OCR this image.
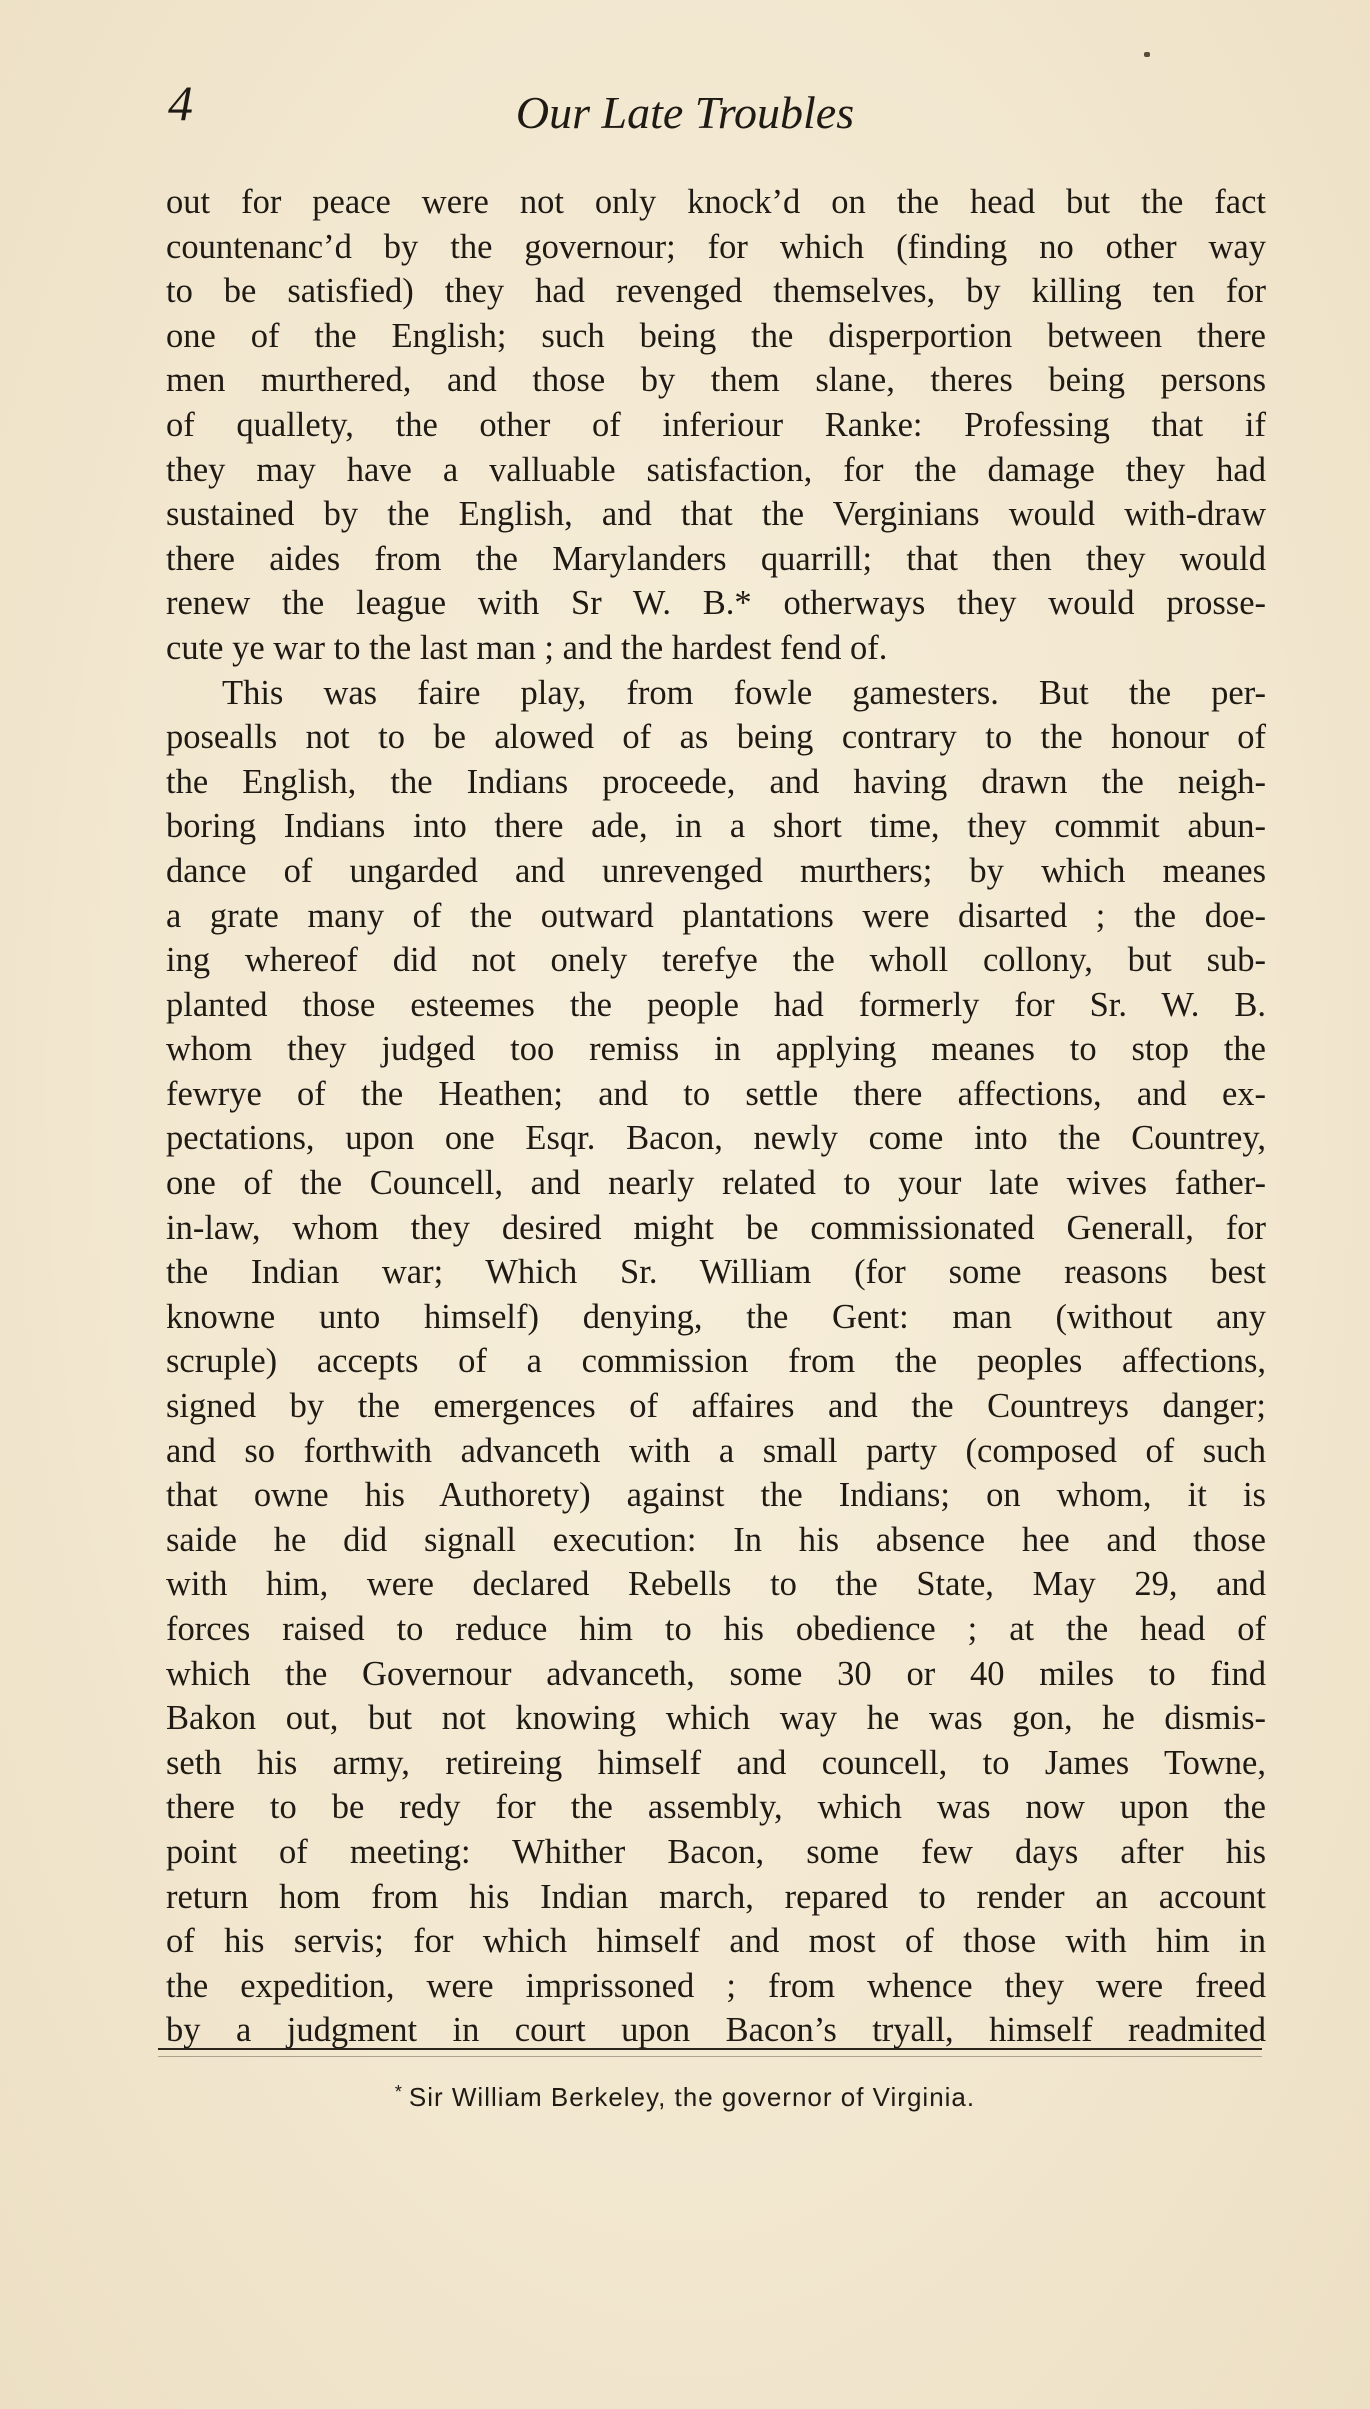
4	Our Late Troubles
out for peace were not only knock’d on the head but the fact
countenanc’d by the governour; for which (finding no other way
to be satisfied) they had revenged themselves, by killing ten for
one of the English; such being the disperportion between there
men murthered, and those by them slane, theres being persons
of quallety, the other of inferiour Ranke: Professing that if
they may have a valluable satisfaction, for the damage they had
sustained by the English, and that the Verginians would with-draw
there aides from the Marylanders quarrill; that then they would
renew the league with Sr W. B.* otherways they would prosse-
cute ye war to the last man ; and the hardest fend of.
This was faire play, from fowle gamesters. But the per-
posealls not to be alowed of as being contrary to the honour of
the English, the Indians proceede, and having drawn the neigh-
boring Indians into there ade, in a short time, they commit abun-
dance of ungarded and unrevenged murthers; by which meanes
a grate many of the outward plantations were disarted ; the doe-
ing whereof did not onely terefye the wholl collony, but sub-
planted those esteemes the people had formerly for Sr. W. B.
whom they judged too remiss in applying meanes to stop the
fewrye of the Heathen; and to settle there affections, and ex-
pectations, upon one Esqr. Bacon, newly come into the Countrey,
one of the Councell, and nearly related to your late wives father-
in-law, whom they desired might be commissionated Generall, for
the Indian war; Which Sr. William (for some reasons best
knowne unto himself) denying, the Gent: man (without any
scruple) accepts of a commission from the peoples affections,
signed by the emergences of affaires and the Countreys danger;
and so forthwith advanceth with a small party (composed of such
that owne his Authorety) against the Indians; on whom, it is
saide he did signall execution: In his absence hee and those
with him, were declared Rebells to the State, May 29, and
forces raised to reduce him to his obedience ; at the head of
which the Governour advanceth, some 30 or 40 miles to find
Bakon out, but not knowing which way he was gon, he dismis-
seth his army, retireing himself and councell, to James Towne,
there to be redy for the assembly, which was now upon the
point of meeting: Whither Bacon, some few days after his
return hom from his Indian march, repared to render an account
of his servis; for which himself and most of those with him in
the expedition, were imprissoned ; from whence they were freed
by a judgment in court upon Bacon’s tryall, himself readmited
* Sir William Berkeley, the governor of Virginia.
